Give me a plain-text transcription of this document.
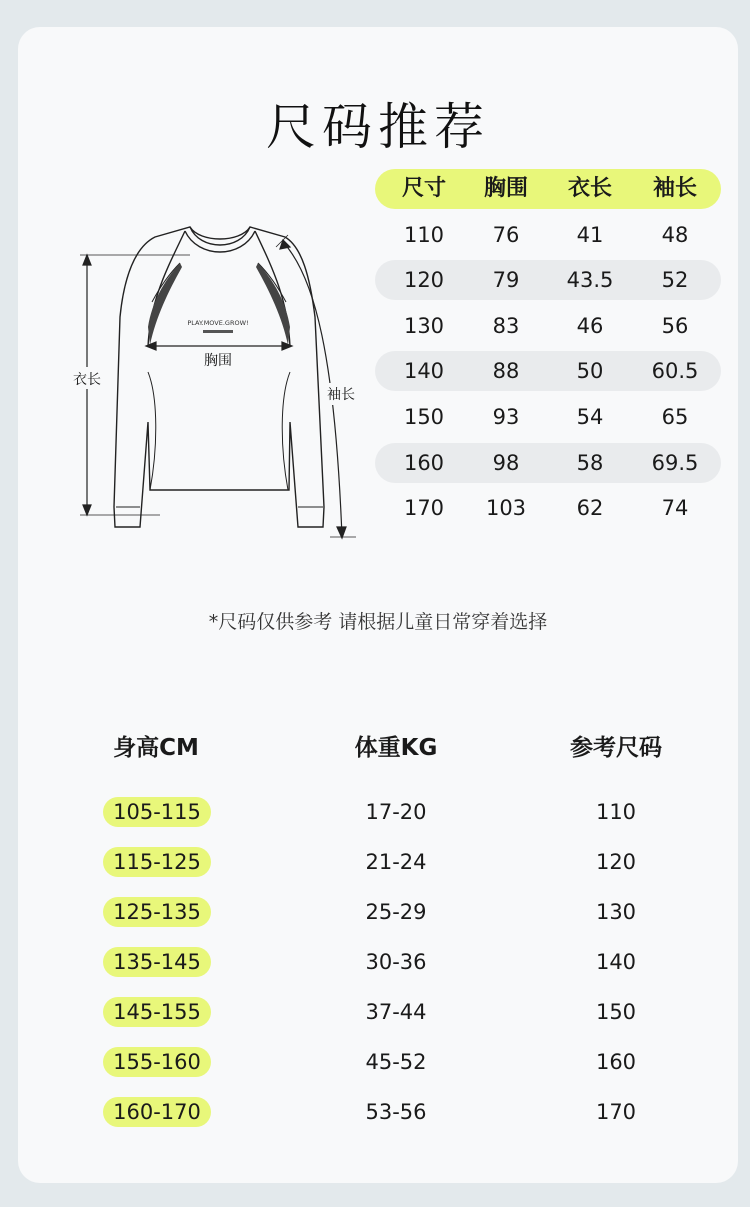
尺码推荐
PLAY.MOVE.GROW!
胸围
衣长
袖长
尺寸	胸围	衣长	袖长
110	76	41	48
120	79	43.5	52
130	83	46	56
140	88	50	60.5
150	93	54	65
160	98	58	69.5
170	103	62	74
*尺码仅供参考 请根据儿童日常穿着选择
身高CM	体重KG	参考尺码
105-115	17-20	110
115-125	21-24	120
125-135	25-29	130
135-145	30-36	140
145-155	37-44	150
155-160	45-52	160
160-170	53-56	170
